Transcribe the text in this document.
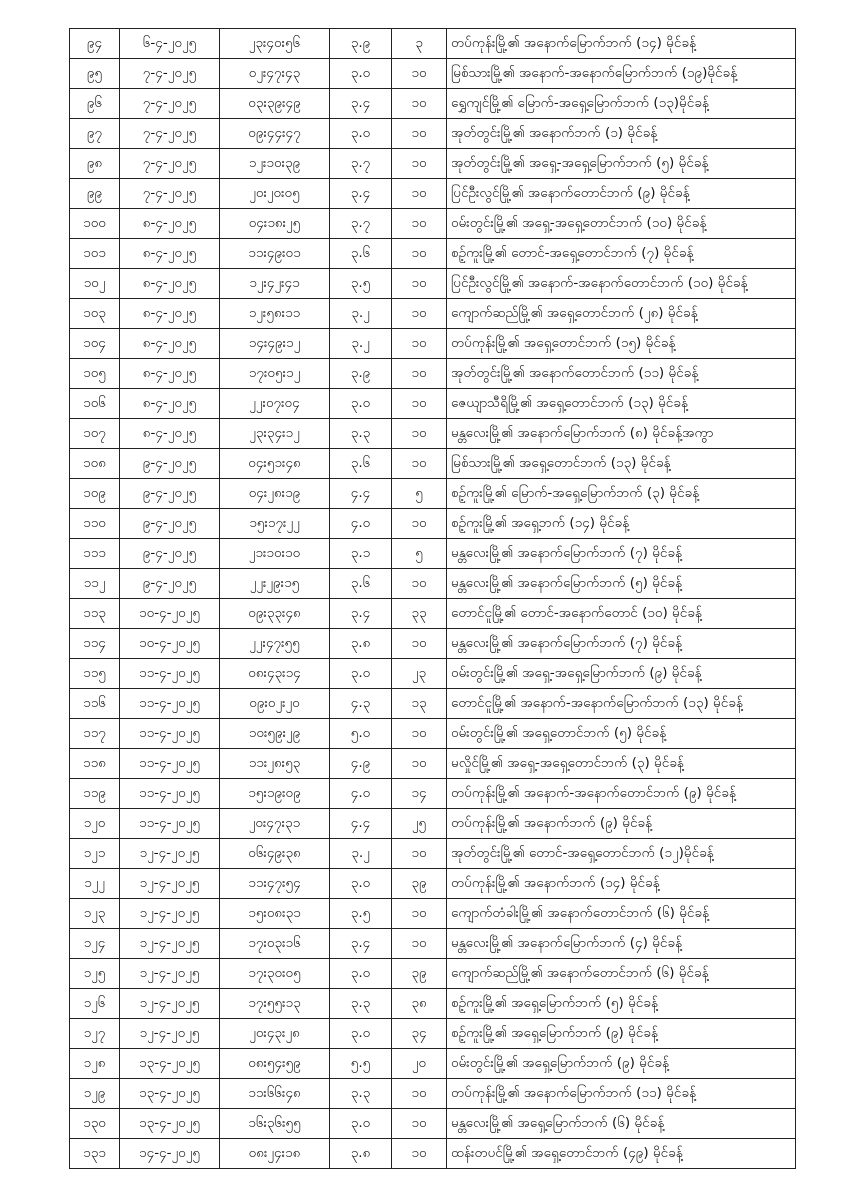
၉၄	၆-၄-၂၀၂၅	၂၃း၄၀း၅၆	၃.၉	၃	တပ်ကုန်းမြို့၏ အနောက်မြောက်ဘက် (၁၄) မိုင်ခန့်
၉၅	၇-၄-၂၀၂၅	၀၂း၄၇း၄၃	၃.၀	၁၀	မြစ်သားမြို့၏ အနောက်-အနောက်မြောက်ဘက် (၁၉)မိုင်ခန့်
၉၆	၇-၄-၂၀၂၅	၀၃း၃၉း၄၉	၃.၄	၁၀	ရွှေကျင်မြို့၏ မြောက်-အရှေ့မြောက်ဘက် (၁၃)မိုင်ခန့်
၉၇	၇-၄-၂၀၂၅	၀၉း၄၄း၄၇	၃.၀	၁၀	အုတ်တွင်းမြို့၏ အနောက်ဘက် (၁) မိုင်ခန့်
၉၈	၇-၄-၂၀၂၅	၁၂း၁၀း၃၉	၃.၇	၁၀	အုတ်တွင်းမြို့၏ အရှေ့-အရှေ့မြောက်ဘက် (၅) မိုင်ခန့်
၉၉	၇-၄-၂၀၂၅	၂၀း၂၀း၀၅	၃.၄	၁၀	ပြင်ဦးလွင်မြို့၏ အနောက်တောင်ဘက် (၉) မိုင်ခန့်
၁၀၀	၈-၄-၂၀၂၅	၀၄း၁၈း၂၅	၃.၇	၁၀	ဝမ်းတွင်းမြို့၏ အရှေ့-အရှေ့တောင်ဘက် (၁၀) မိုင်ခန့်
၁၀၁	၈-၄-၂၀၂၅	၁၁း၄၉း၀၁	၃.၆	၁၀	စဉ့်ကူးမြို့၏ တောင်-အရှေ့တောင်ဘက် (၇) မိုင်ခန့်
၁၀၂	၈-၄-၂၀၂၅	၁၂း၄၂း၄၁	၃.၅	၁၀	ပြင်ဦးလွင်မြို့၏ အနောက်-အနောက်တောင်ဘက် (၁၀) မိုင်ခန့်
၁၀၃	၈-၄-၂၀၂၅	၁၂း၅၈း၁၁	၃.၂	၁၀	ကျောက်ဆည်မြို့၏ အရှေ့တောင်ဘက် (၂၈) မိုင်ခန့်
၁၀၄	၈-၄-၂၀၂၅	၁၄း၄၉း၁၂	၃.၂	၁၀	တပ်ကုန်းမြို့၏ အရှေ့တောင်ဘက် (၁၅) မိုင်ခန့်
၁၀၅	၈-၄-၂၀၂၅	၁၇း၀၅း၁၂	၃.၉	၁၀	အုတ်တွင်းမြို့၏ အနောက်တောင်ဘက် (၁၁) မိုင်ခန့်
၁၀၆	၈-၄-၂၀၂၅	၂၂း၀၇း၀၄	၃.၀	၁၀	ဇေယျာသီရိမြို့၏ အရှေ့တောင်ဘက် (၁၃) မိုင်ခန့်
၁၀၇	၈-၄-၂၀၂၅	၂၃း၃၄း၁၂	၃.၃	၁၀	မန္တလေးမြို့၏ အနောက်မြောက်ဘက် (၈) မိုင်ခန့်အကွာ
၁၀၈	၉-၄-၂၀၂၅	၀၄း၅၁း၄၈	၃.၆	၁၀	မြစ်သားမြို့၏ အရှေ့တောင်ဘက် (၁၃) မိုင်ခန့်
၁၀၉	၉-၄-၂၀၂၅	၀၄း၂၈း၁၉	၄.၄	၅	စဉ့်ကူးမြို့၏ မြောက်-အရှေ့မြောက်ဘက် (၃) မိုင်ခန့်
၁၁၀	၉-၄-၂၀၂၅	၁၅း၁၇း၂၂	၄.၀	၁၀	စဉ့်ကူးမြို့၏ အရှေ့ဘက် (၁၄) မိုင်ခန့်
၁၁၁	၉-၄-၂၀၂၅	၂၁း၁၀း၁၀	၃.၁	၅	မန္တလေးမြို့၏ အနောက်မြောက်ဘက် (၇) မိုင်ခန့်
၁၁၂	၉-၄-၂၀၂၅	၂၂း၂၉း၁၅	၃.၆	၁၀	မန္တလေးမြို့၏ အနောက်မြောက်ဘက် (၅) မိုင်ခန့်
၁၁၃	၁၀-၄-၂၀၂၅	၀၉း၃၃း၄၈	၃.၄	၃၃	တောင်ငူမြို့၏ တောင်-အနောက်တောင် (၁၀) မိုင်ခန့်
၁၁၄	၁၀-၄-၂၀၂၅	၂၂း၄၇း၅၅	၃.၈	၁၀	မန္တလေးမြို့၏ အနောက်မြောက်ဘက် (၇) မိုင်ခန့်
၁၁၅	၁၁-၄-၂၀၂၅	၀၈း၄၃း၁၄	၃.၀	၂၃	ဝမ်းတွင်းမြို့၏ အရှေ့-အရှေ့မြောက်ဘက် (၉) မိုင်ခန့်
၁၁၆	၁၁-၄-၂၀၂၅	၀၉း၀၂း၂၀	၄.၃	၁၃	တောင်ငူမြို့၏ အနောက်-အနောက်မြောက်ဘက် (၁၃) မိုင်ခန့်
၁၁၇	၁၁-၄-၂၀၂၅	၁၀း၅၉း၂၉	၅.၀	၁၀	ဝမ်းတွင်းမြို့၏ အရှေ့တောင်ဘက် (၅) မိုင်ခန့်
၁၁၈	၁၁-၄-၂၀၂၅	၁၁း၂၈း၅၃	၄.၉	၁၀	မလှိုင်မြို့၏ အရှေ့-အရှေ့တောင်ဘက် (၃) မိုင်ခန့်
၁၁၉	၁၁-၄-၂၀၂၅	၁၅း၁၉း၀၉	၄.၀	၁၄	တပ်ကုန်းမြို့၏ အနောက်-အနောက်တောင်ဘက် (၉) မိုင်ခန့်
၁၂၀	၁၁-၄-၂၀၂၅	၂၀း၄၇း၃၁	၄.၄	၂၅	တပ်ကုန်းမြို့၏ အနောက်ဘက် (၉) မိုင်ခန့်
၁၂၁	၁၂-၄-၂၀၂၅	၀၆း၄၉း၃၈	၃.၂	၁၀	အုတ်တွင်းမြို့၏ တောင်-အရှေ့တောင်ဘက် (၁၂)မိုင်ခန့်
၁၂၂	၁၂-၄-၂၀၂၅	၁၁း၄၇း၅၄	၃.၀	၃၉	တပ်ကုန်းမြို့၏ အနောက်ဘက် (၁၄) မိုင်ခန့်
၁၂၃	၁၂-၄-၂၀၂၅	၁၅း၀၈း၃၁	၃.၅	၁၀	ကျောက်တံခါးမြို့၏ အနောက်တောင်ဘက် (၆) မိုင်ခန့်
၁၂၄	၁၂-၄-၂၀၂၅	၁၇း၀၃း၁၆	၃.၄	၁၀	မန္တလေးမြို့၏ အနောက်မြောက်ဘက် (၄) မိုင်ခန့်
၁၂၅	၁၂-၄-၂၀၂၅	၁၇း၃၀း၀၅	၃.၀	၃၉	ကျောက်ဆည်မြို့၏ အနောက်တောင်ဘက် (၆) မိုင်ခန့်
၁၂၆	၁၂-၄-၂၀၂၅	၁၇း၅၅း၁၃	၃.၃	၃၈	စဉ့်ကူးမြို့၏ အရှေ့မြောက်ဘက် (၅) မိုင်ခန့်
၁၂၇	၁၂-၄-၂၀၂၅	၂၀း၄၃း၂၈	၃.၀	၃၄	စဉ့်ကူးမြို့၏ အရှေ့မြောက်ဘက် (၉) မိုင်ခန့်
၁၂၈	၁၃-၄-၂၀၂၅	၀၈း၅၄း၅၉	၅.၅	၂၀	ဝမ်းတွင်းမြို့၏ အရှေ့မြောက်ဘက် (၉) မိုင်ခန့်
၁၂၉	၁၃-၄-၂၀၂၅	၁၁း၆၆း၄၈	၃.၃	၁၀	တပ်ကုန်းမြို့၏ အနောက်မြောက်ဘက် (၁၁) မိုင်ခန့်
၁၃၀	၁၃-၄-၂၀၂၅	၁၆း၃၆း၅၅	၃.၀	၁၀	မန္တလေးမြို့၏ အရှေ့မြောက်ဘက် (၆) မိုင်ခန့်
၁၃၁	၁၄-၄-၂၀၂၅	၀၈း၂၄း၁၈	၃.၈	၁၀	ထန်းတပင်မြို့၏ အရှေ့တောင်ဘက် (၄၉) မိုင်ခန့်
